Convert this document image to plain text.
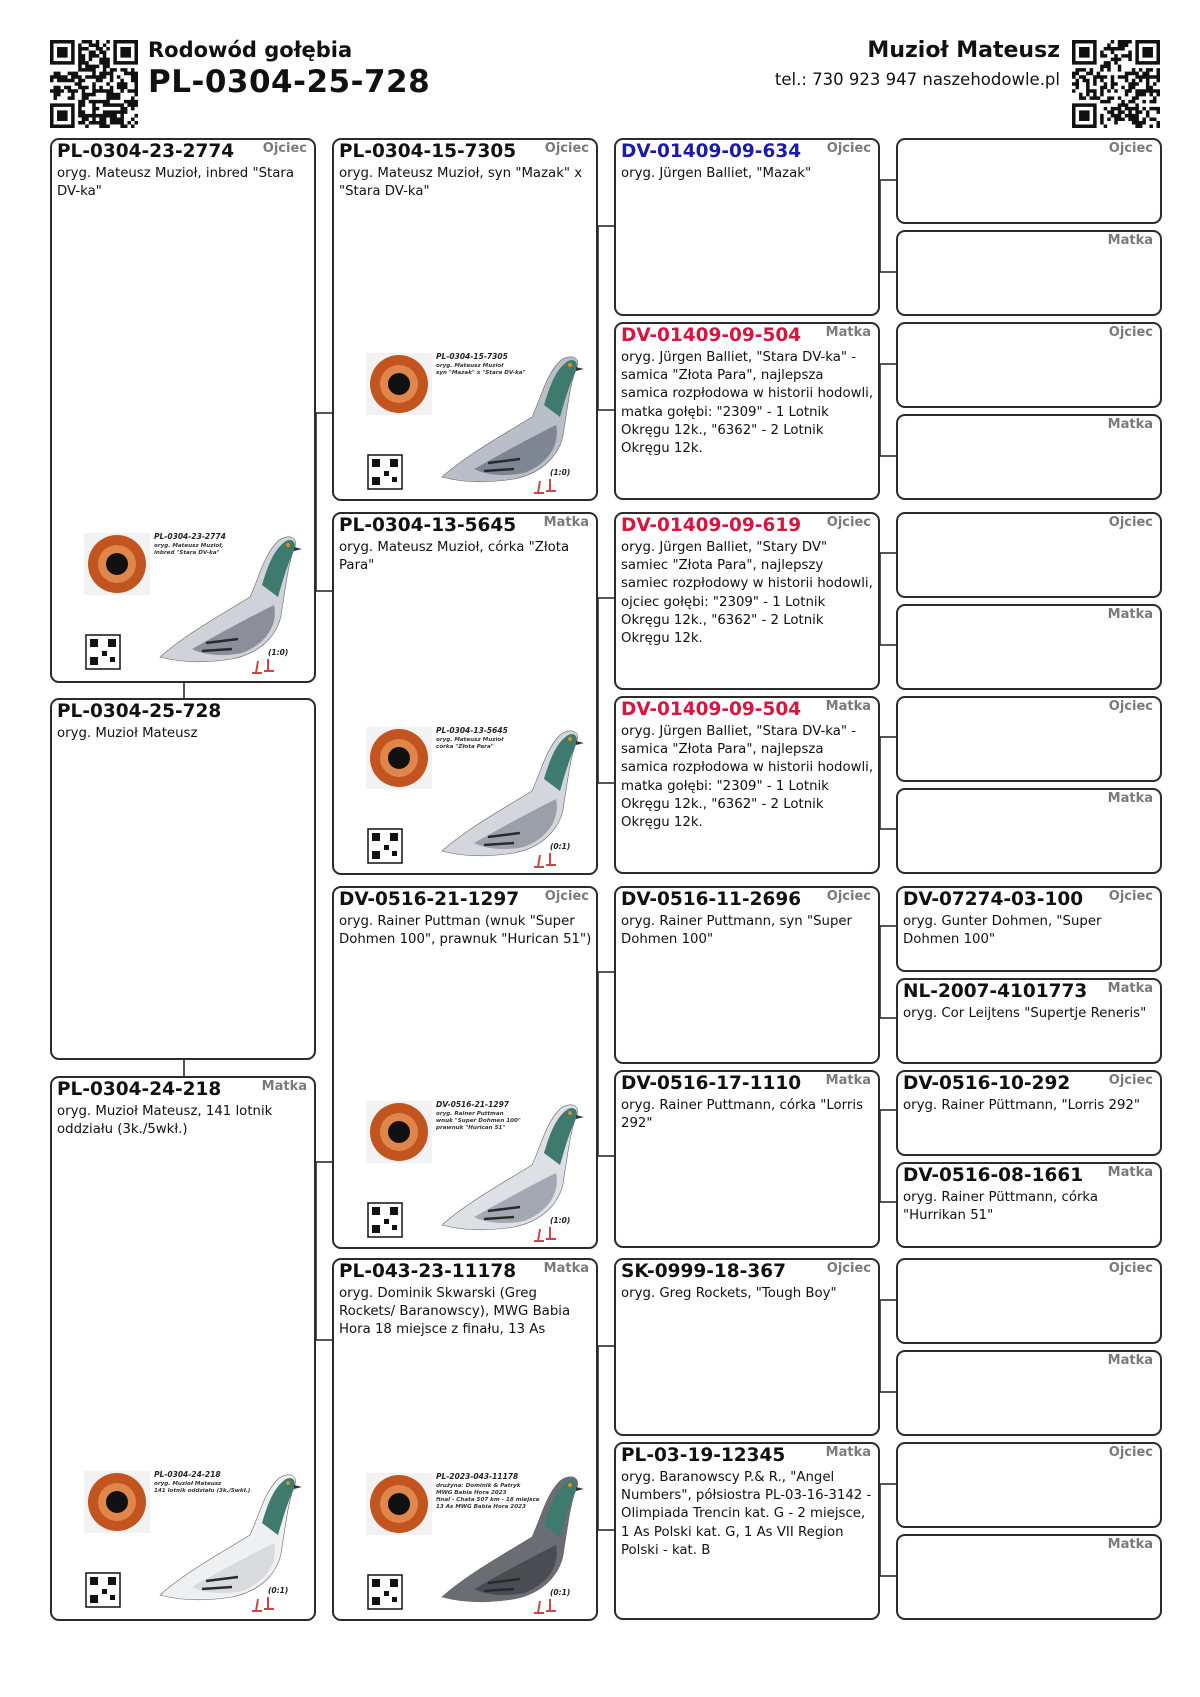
Rodowód gołębia
PL-0304-25-728
Muzioł Mateusz
tel.: 730 923 947 naszehodowle.pl
PL-0304-23-2774 Ojciec
oryg. Mateusz Muzioł, inbred "Stara DV-ka"
PL-0304-23-2774
oryg. Mateusz Muzioł,
inbred "Stara DV-ka"
(1:0)
PL-0304-25-728
oryg. Muzioł Mateusz
PL-0304-24-218	Matka
oryg. Muzioł Mateusz, 141 lotnik oddziału (3k./5wkł.)
PL-0304-24-218
oryg. Muzioł Mateusz
141 lotnik oddziału (3k./5wkł.)
(0:1)
PL-0304-15-7305 Ojciec
oryg. Mateusz Muzioł, syn "Mazak" x "Stara DV-ka"
PL-0304-15-7305
oryg. Mateusz Muzioł
syn "Mazak" x "Stara DV-ka"
(1:0)
PL-0304-13-5645 Matka
oryg. Mateusz Muzioł, córka "Złota Para"
PL-0304-13-5645
oryg. Mateusz Muzioł
córka "Złota Para"
(0:1)
DV-0516-21-1297 Ojciec
oryg. Rainer Puttman (wnuk "Super Dohmen 100", prawnuk "Hurican 51")
DV-0516-21-1297
oryg. Rainer Puttman
wnuk "Super Dohmen 100"
prawnuk "Hurican 51"
(1:0)
PL-043-23-11178 Matka
oryg. Dominik Skwarski (Greg Rockets/ Baranowscy), MWG Babia Hora 18 miejsce z finału, 13 As
PL-2023-043-11178
drużyna: Dominik & Patryk
MWG Babia Hora 2023
final - Chata 507 km - 18 miejsce
13 As MWG Babia Hora 2023
(0:1)
DV-01409-09-634 Ojciec
oryg. Jürgen Balliet, "Mazak"
DV-01409-09-504 Matka
oryg. Jürgen Balliet, "Stara DV-ka" - samica "Złota Para", najlepsza samica rozpłodowa w historii hodowli, matka gołębi: "2309" - 1 Lotnik Okręgu 12k., "6362" - 2 Lotnik Okręgu 12k.
DV-01409-09-619 Ojciec
oryg. Jürgen Balliet, "Stary DV" samiec "Złota Para", najlepszy samiec rozpłodowy w historii hodowli, ojciec gołębi: "2309" - 1 Lotnik Okręgu 12k., "6362" - 2 Lotnik Okręgu 12k.
DV-01409-09-504 Matka
oryg. Jürgen Balliet, "Stara DV-ka" - samica "Złota Para", najlepsza samica rozpłodowa w historii hodowli, matka gołębi: "2309" - 1 Lotnik Okręgu 12k., "6362" - 2 Lotnik Okręgu 12k.
DV-0516-11-2696 Ojciec
oryg. Rainer Puttmann, syn "Super Dohmen 100"
DV-0516-17-1110 Matka
oryg. Rainer Puttmann, córka "Lorris 292"
SK-0999-18-367	Ojciec
oryg. Greg Rockets, "Tough Boy"
PL-03-19-12345	Matka
oryg. Baranowscy P.& R., "Angel Numbers", półsiostra PL-03-16-3142 - Olimpiada Trencin kat. G - 2 miejsce, 1 As Polski kat. G, 1 As VII Region Polski - kat. B
Ojciec
Matka
Ojciec
Matka
Ojciec
Matka
Ojciec
Matka
DV-07274-03-100 Ojciec
oryg. Gunter Dohmen, "Super Dohmen 100"
NL-2007-4101773 Matka
oryg. Cor Leijtens "Supertje Reneris"
DV-0516-10-292	Ojciec
oryg. Rainer Püttmann, "Lorris 292"
DV-0516-08-1661 Matka
oryg. Rainer Püttmann, córka "Hurrikan 51"
Ojciec
Matka
Ojciec
Matka
